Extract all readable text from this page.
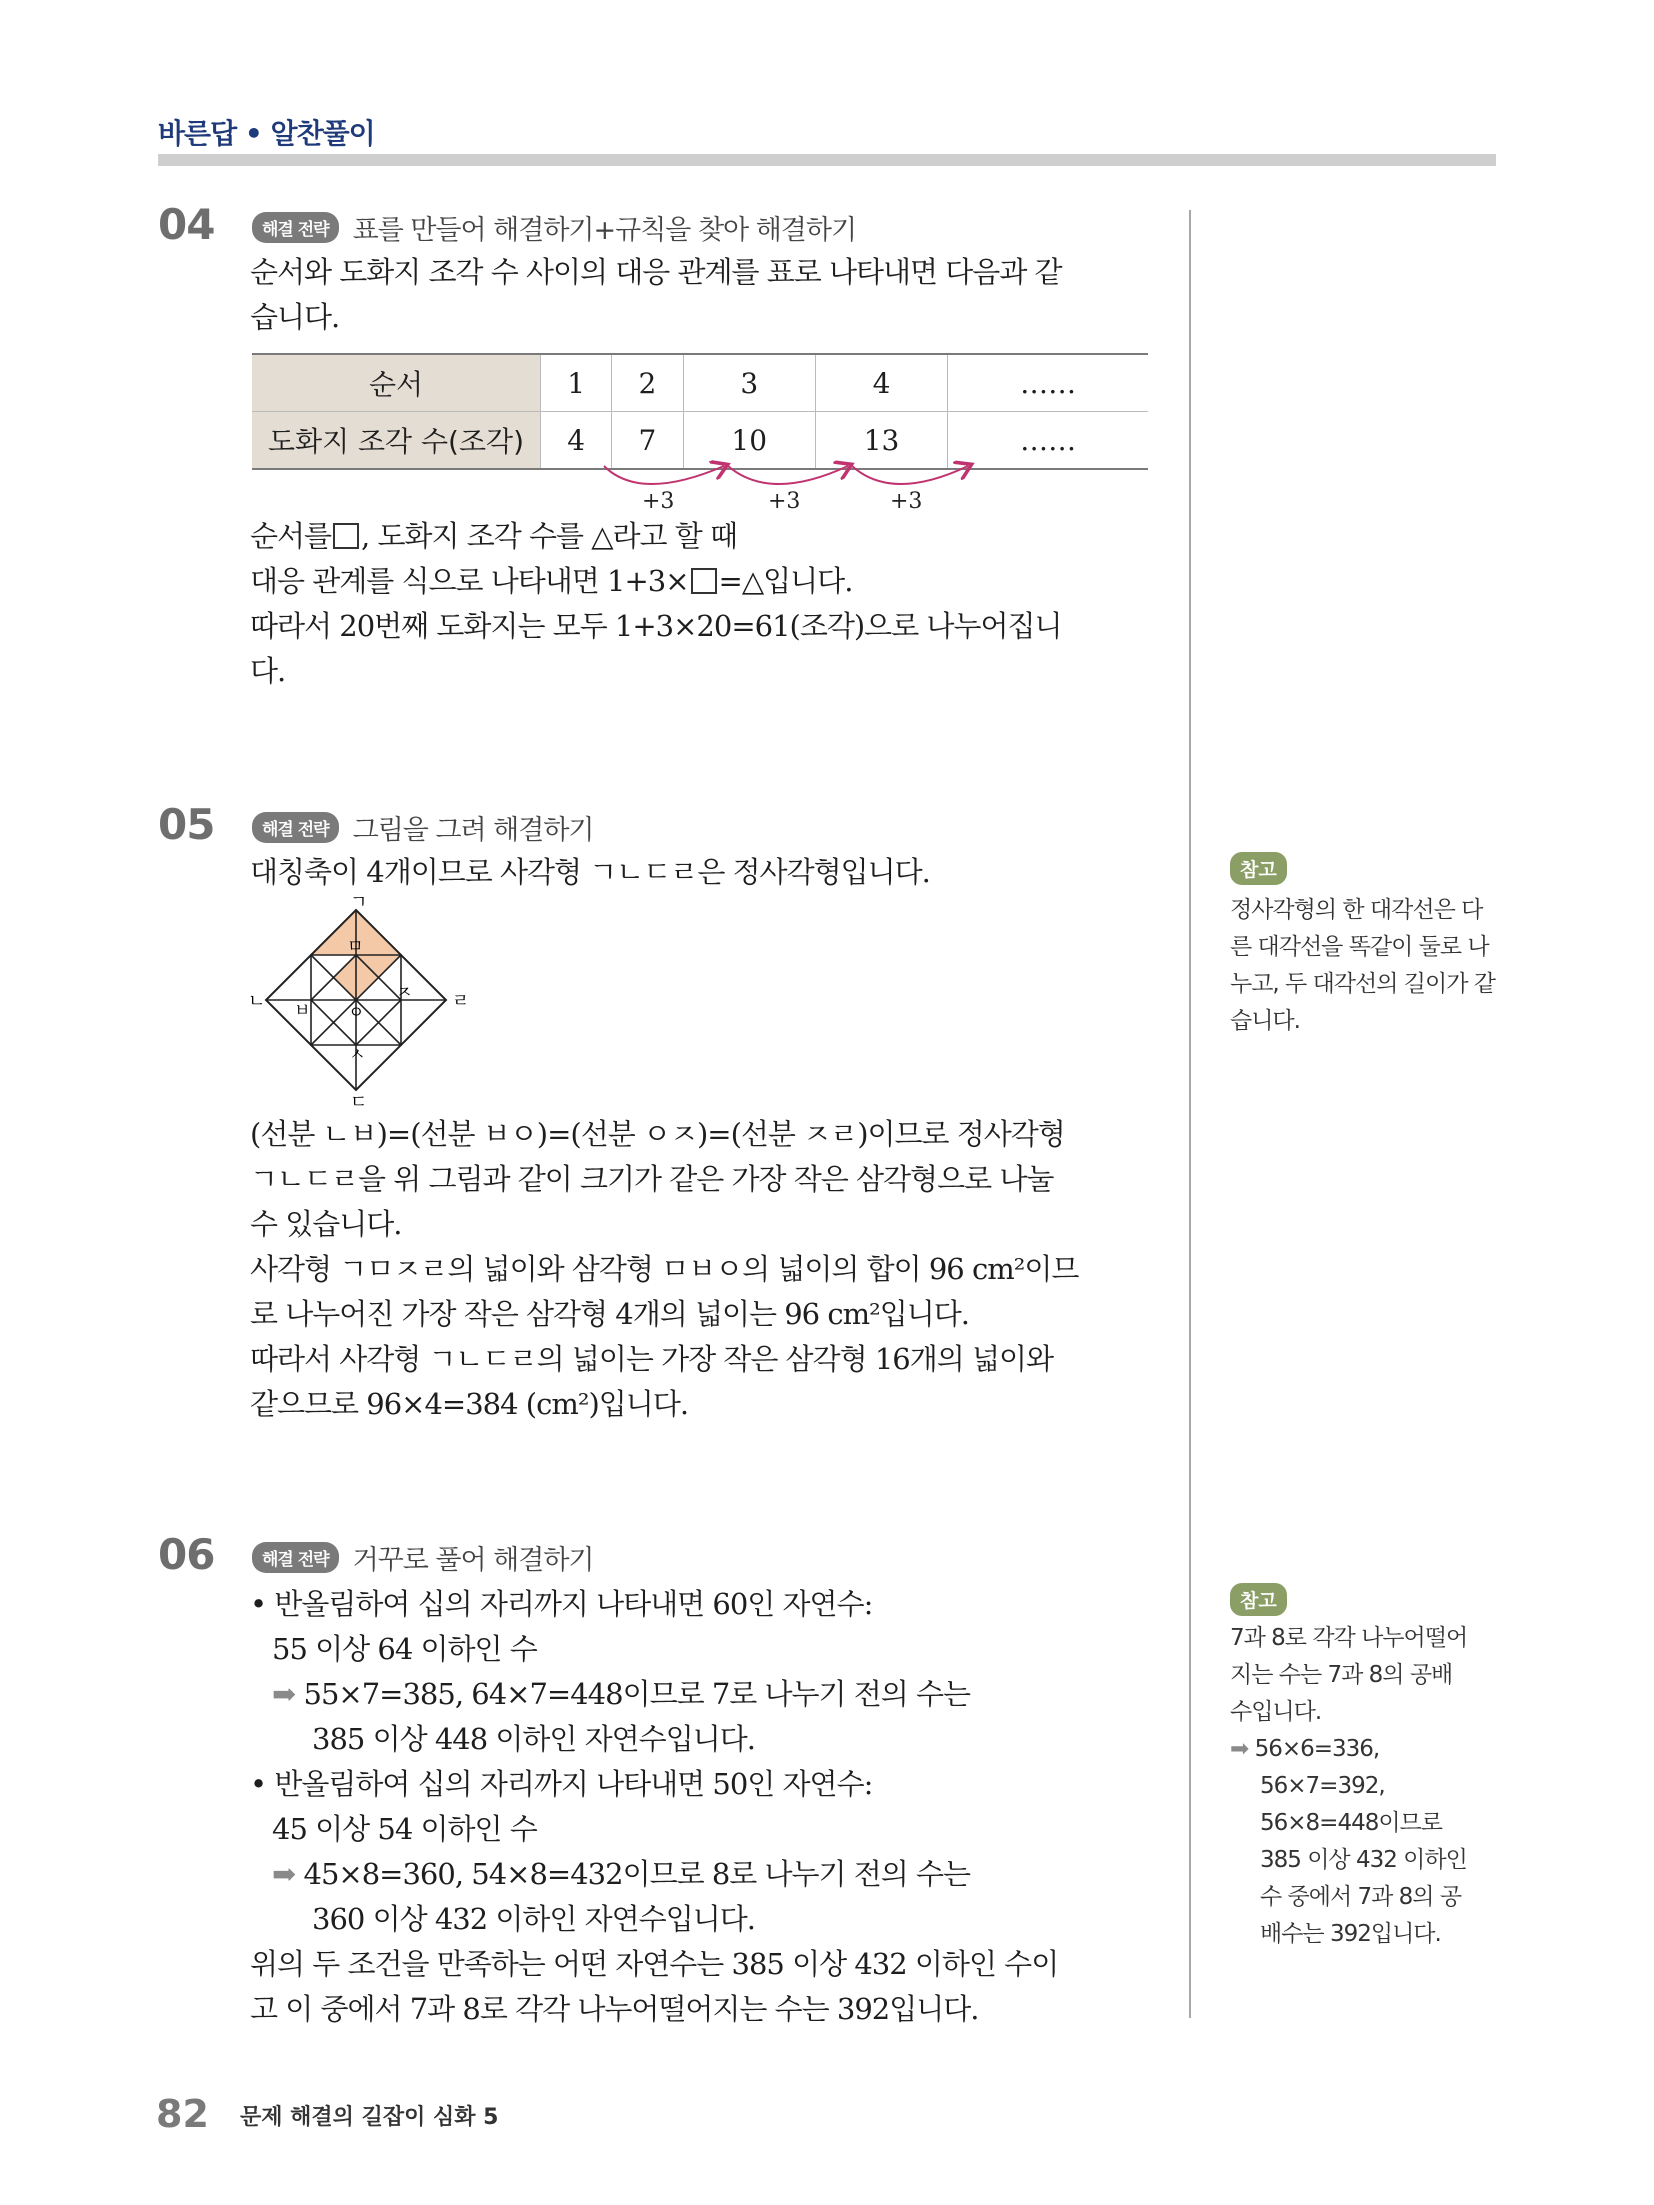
바른답 • 알찬풀이
04	해결 전략 표를 만들어 해결하기+규칙을 찾아 해결하기
순서와 도화지 조각 수 사이의 대응 관계를 표로 나타내면 다음과 같
습니다.
순서	1	2	3	4	……
도화지 조각 수(조각)	4	7	10	13	……
+3	+3	+3
순서를 , 도화지 조각 수를 △라고 할 때
대응 관계를 식으로 나타내면 1+3× =△입니다.
따라서 20번째 도화지는 모두 1+3×20=61(조각)으로 나누어집니
다.
05	해결 전략 그림을 그려 해결하기
대칭축이 4개이므로 사각형 ㄱㄴㄷㄹ은 정사각형입니다.
ㄱ
ㄴ
ㄷ
ㄹ
ㅁ
ㅂ ㅇ
ㅈ
ㅅ
(선분 ㄴㅂ)=(선분 ㅂㅇ)=(선분 ㅇㅈ)=(선분 ㅈㄹ)이므로 정사각형
ㄱㄴㄷㄹ을 위 그림과 같이 크기가 같은 가장 작은 삼각형으로 나눌
수 있습니다.
사각형 ㄱㅁㅈㄹ의 넓이와 삼각형 ㅁㅂㅇ의 넓이의 합이 96 cm²이므
로 나누어진 가장 작은 삼각형 4개의 넓이는 96 cm²입니다.
따라서 사각형 ㄱㄴㄷㄹ의 넓이는 가장 작은 삼각형 16개의 넓이와
같으므로 96×4=384 (cm²)입니다.
참고
정사각형의 한 대각선은 다른 대각선을 똑같이 둘로 나누고, 두 대각선의 길이가 같습니다.
06	해결 전략 거꾸로 풀어 해결하기
• 반올림하여 십의 자리까지 나타내면 60인 자연수:
55 이상 64 이하인 수
➡ 55×7=385, 64×7=448이므로 7로 나누기 전의 수는
385 이상 448 이하인 자연수입니다.
• 반올림하여 십의 자리까지 나타내면 50인 자연수:
45 이상 54 이하인 수
➡ 45×8=360, 54×8=432이므로 8로 나누기 전의 수는
360 이상 432 이하인 자연수입니다.
위의 두 조건을 만족하는 어떤 자연수는 385 이상 432 이하인 수이
고 이 중에서 7과 8로 각각 나누어떨어지는 수는 392입니다.
참고
7과 8로 각각 나누어떨어
지는 수는 7과 8의 공배
수입니다.
➡ 56×6=336,
56×7=392,
56×8=448이므로
385 이상 432 이하인
수 중에서 7과 8의 공
배수는 392입니다.
82 문제 해결의 길잡이 심화 5
